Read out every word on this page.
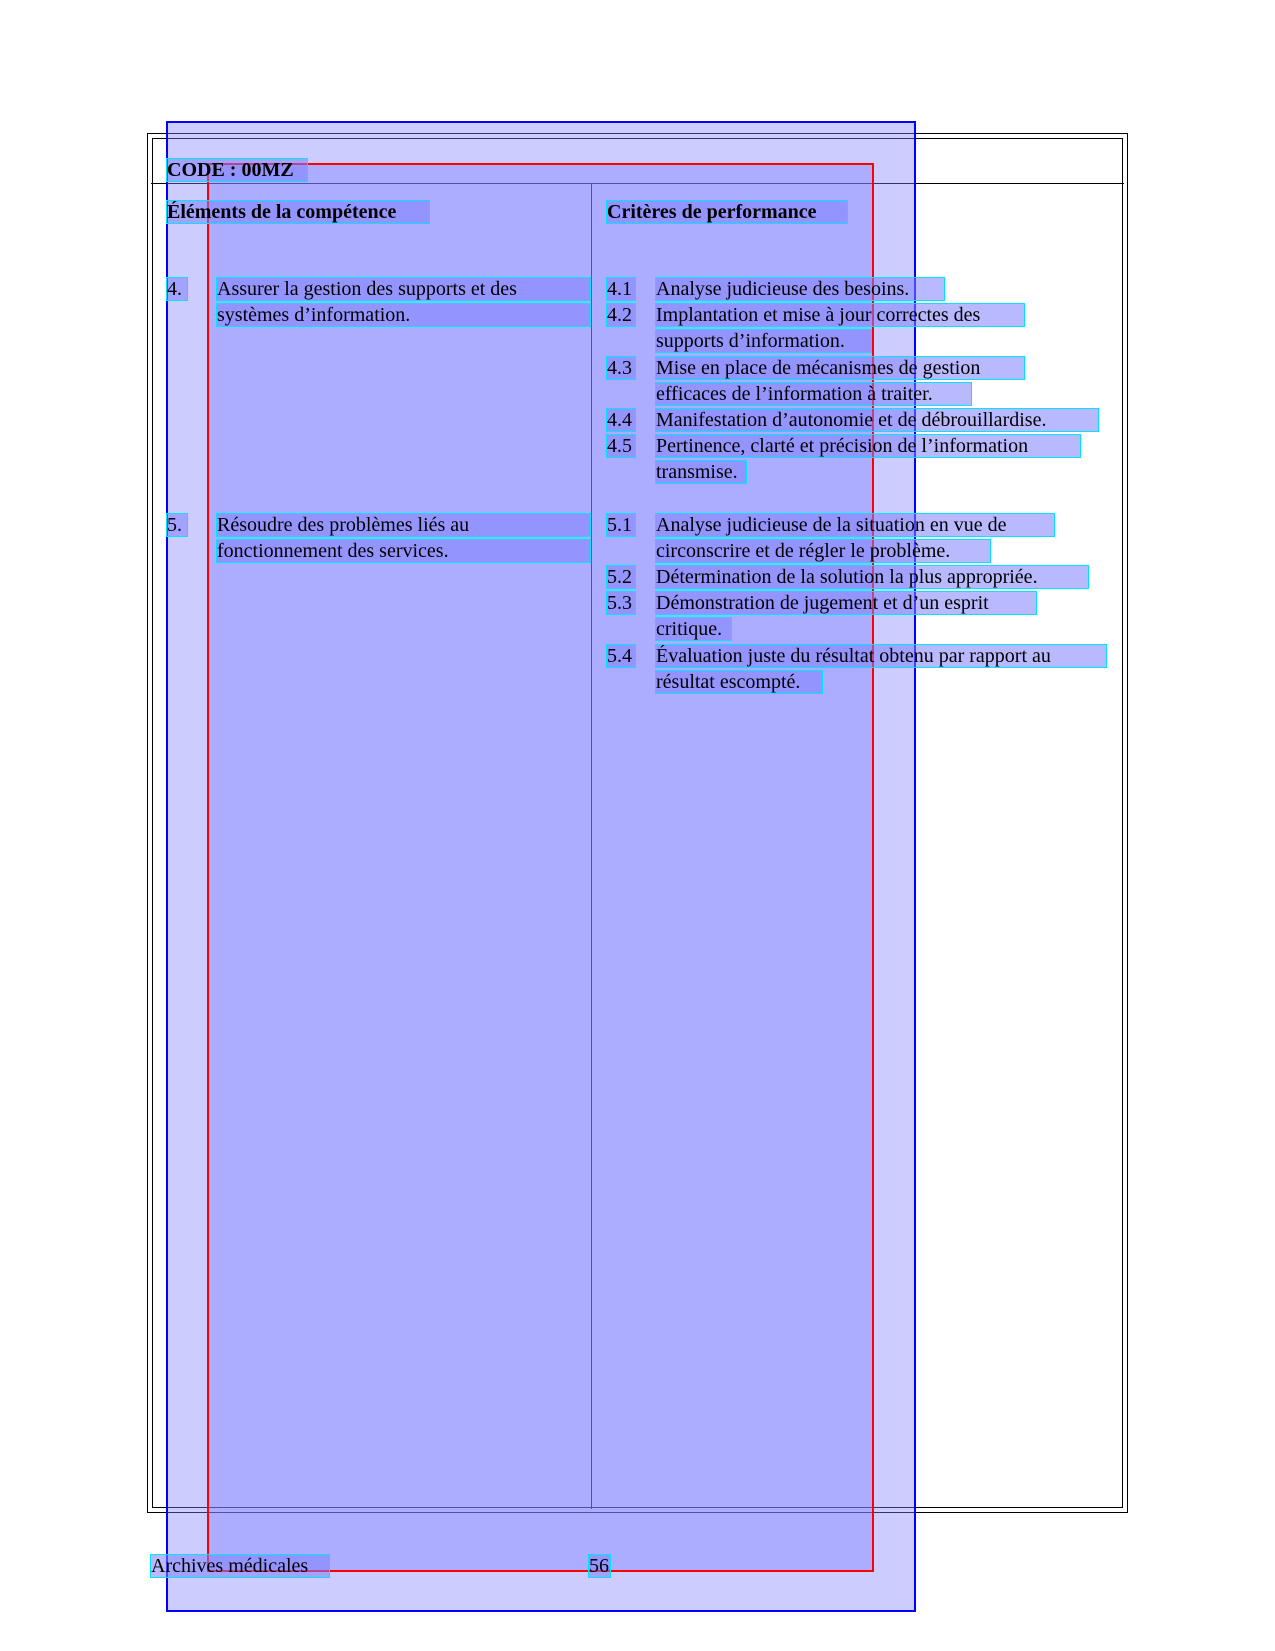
CODE : 00MZ
Éléments de la compétence	Critères de performance
4. Assurer la gestion des supports et des
systèmes d’information.
5. Résoudre des problèmes liés au
fonctionnement des services.
4.1 Analyse judicieuse des besoins.
4.2 Implantation et mise à jour correctes des
supports d’information.
4.3 Mise en place de mécanismes de gestion
efficaces de l’information à traiter.
4.4 Manifestation d’autonomie et de débrouillardise.
4.5 Pertinence, clarté et précision de l’information
transmise.
5.1 Analyse judicieuse de la situation en vue de
circonscrire et de régler le problème.
5.2 Détermination de la solution la plus appropriée.
5.3 Démonstration de jugement et d’un esprit
critique.
5.4 Évaluation juste du résultat obtenu par rapport au
résultat escompté.
Archives médicales	56
